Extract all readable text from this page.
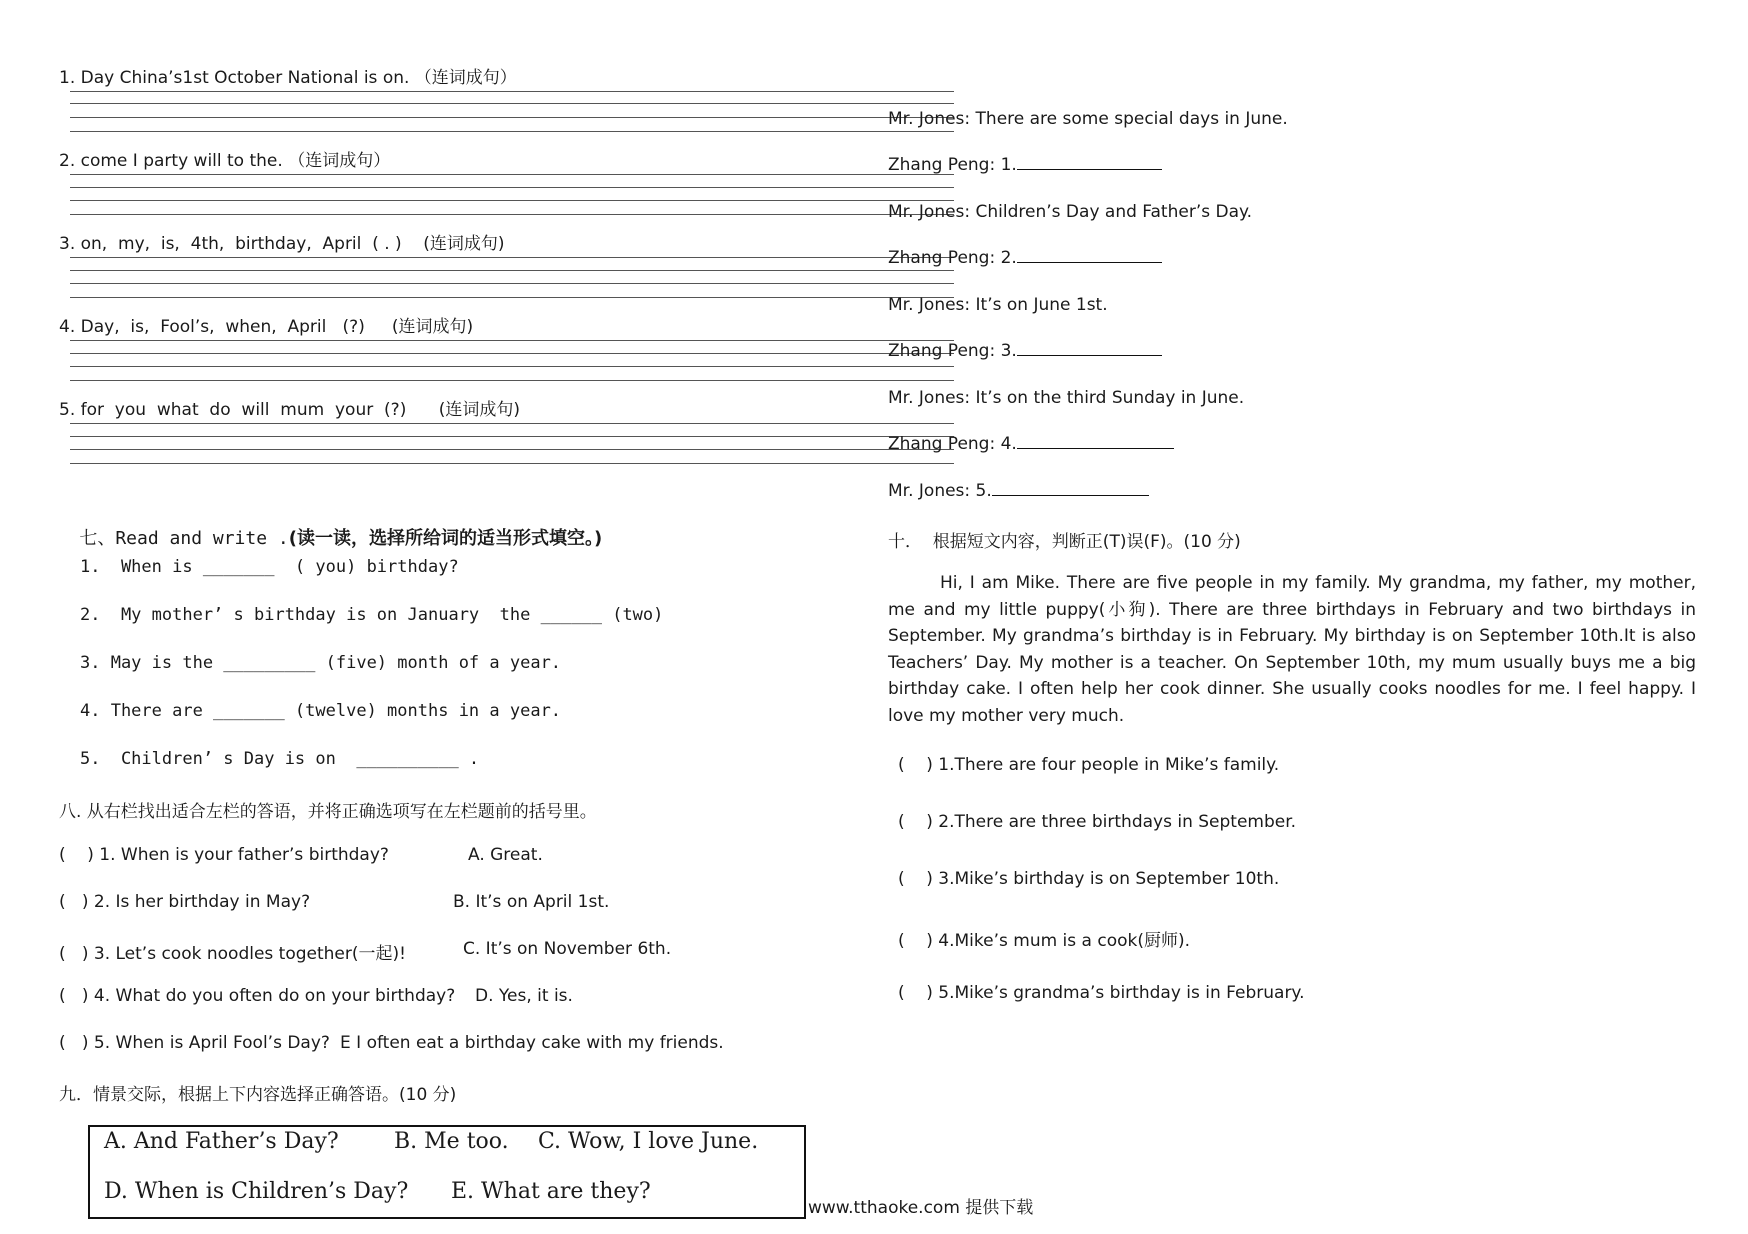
1. Day China’s1st October National is on. （连词成句）
2. come I party will to the. （连词成句）
3. on,  my,  is,  4th,  birthday,  April  ( . )    (连词成句)
4. Day,  is,  Fool’s,  when,  April   (?)     (连词成句)
5. for  you  what  do  will  mum  your  (?)      (连词成句)

七、Read and write .(读一读，选择所给词的适当形式填空。)

1.  When is _______  ( you) birthday?
2.  My mother’ s birthday is on January  the ______ (two)
3. May is the _________ (five) month of a year.
4. There are _______ (twelve) months in a year.
5.  Children’ s Day is on  __________ .
八. 从右栏找出适合左栏的答语，并将正确选项写在左栏题前的括号里。
(    ) 1. When is your father’s birthday?	A. Great.
(   ) 2. Is her birthday in May?	B. It’s on April 1st.
(   ) 3. Let’s cook noodles together(一起)!	C. It’s on November 6th.
(   ) 4. What do you often do on your birthday? D. Yes, it is.
(   ) 5. When is April Fool’s Day? E I often eat a birthday cake with my friends.
九．情景交际，根据上下内容选择正确答语。(10 分)
A. And Father’s Day?	B. Me too. C. Wow, I love June.
D. When is Children’s Day? E. What are they?
Mr. Jones: There are some special days in June.
Zhang Peng: 1.
Mr. Jones: Children’s Day and Father’s Day.
Zhang Peng: 2.
Mr. Jones: It’s on June 1st.
Zhang Peng: 3.
Mr. Jones: It’s on the third Sunday in June.
Zhang Peng: 4.
Mr. Jones: 5.
十．  根据短文内容，判断正(T)误(F)。(10 分)
Hi, I am Mike. There are five people in my family. My grandma, my father, my mother, me and my little puppy(小狗). There are three birthdays in February and two birthdays in September. My grandma’s birthday is in February. My birthday is on September 10th.It is also Teachers’ Day. My mother is a teacher. On September 10th, my mum usually buys me a big birthday cake. I often help her cook dinner. She usually cooks noodles for me. I feel happy. I love my mother very much.
(    ) 1.There are four people in Mike’s family.
(    ) 2.There are three birthdays in September.
(    ) 3.Mike’s birthday is on September 10th.
(    ) 4.Mike’s mum is a cook(厨师).
(    ) 5.Mike’s grandma’s birthday is in February.
www.tthaoke.com 提供下载
